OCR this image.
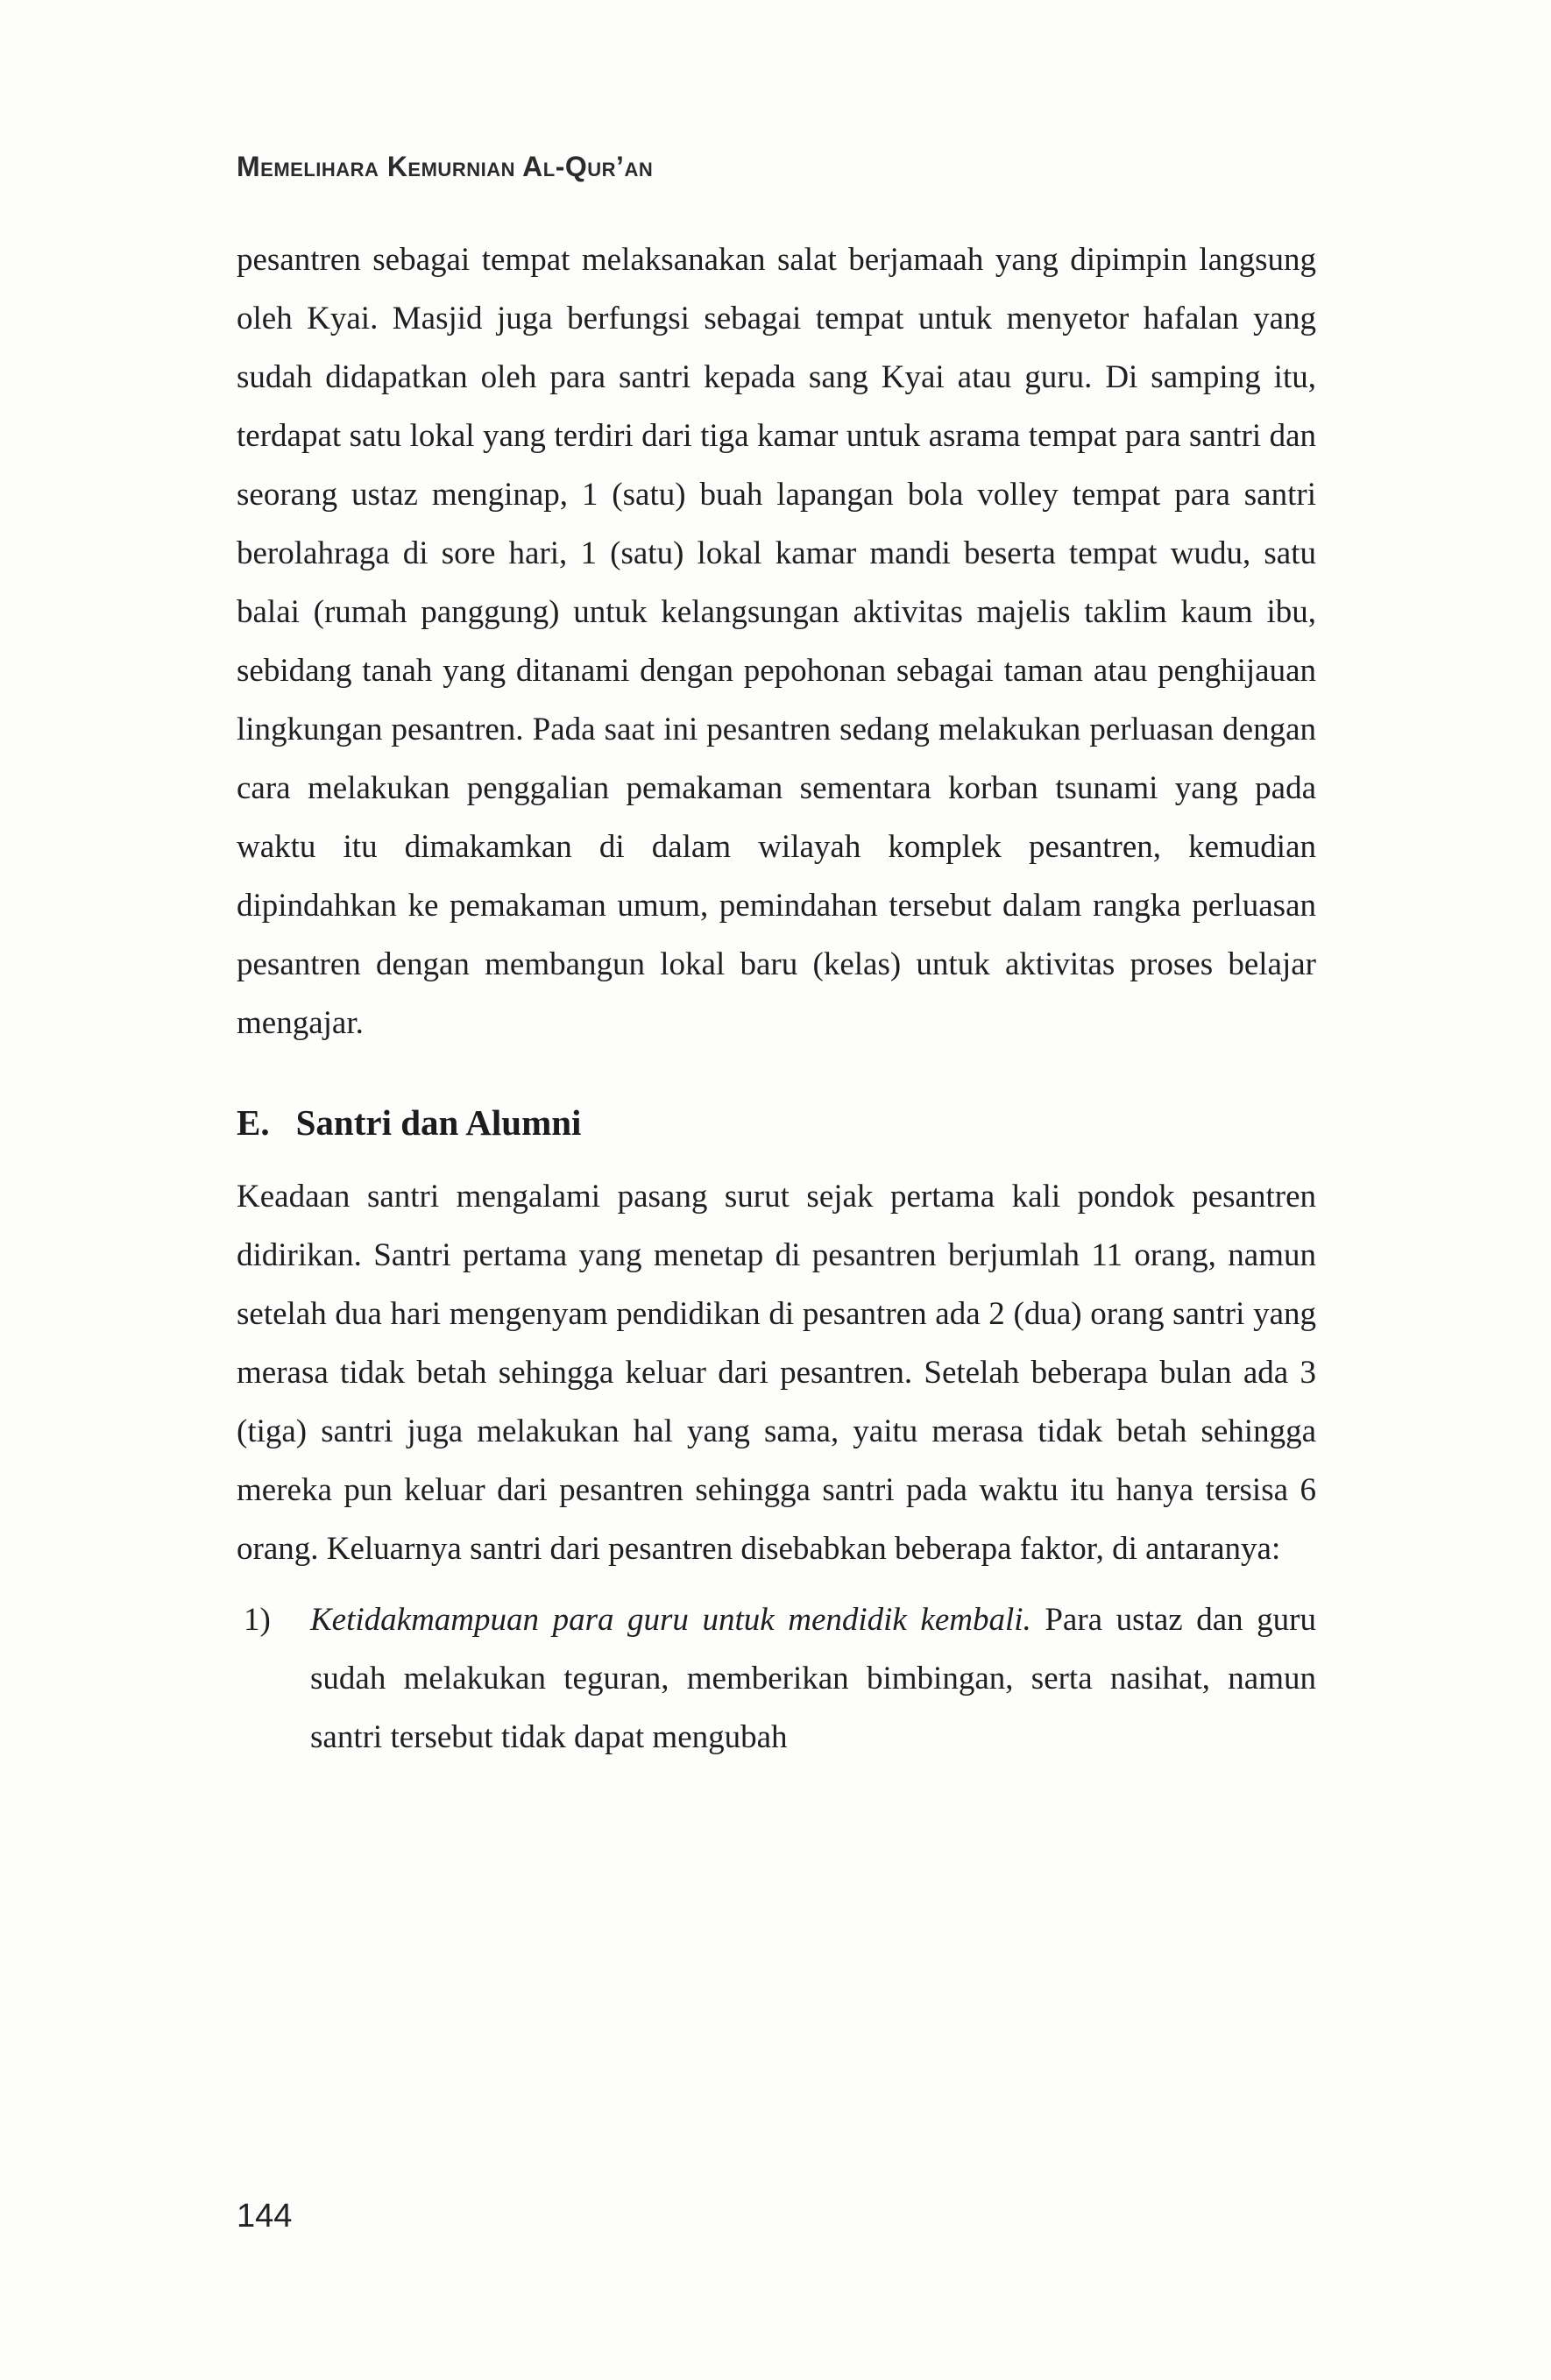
Memelihara Kemurnian Al-Qur’an

pesantren sebagai tempat melaksanakan salat berjamaah yang dipimpin langsung oleh Kyai. Masjid juga berfungsi sebagai tempat untuk menyetor hafalan yang sudah didapatkan oleh para santri kepada sang Kyai atau guru. Di samping itu, terdapat satu lokal yang terdiri dari tiga kamar untuk asrama tempat para santri dan seorang ustaz menginap, 1 (satu) buah lapangan bola volley tempat para santri berolahraga di sore hari, 1 (satu) lokal kamar mandi beserta tempat wudu, satu balai (rumah panggung) untuk kelangsungan aktivitas majelis taklim kaum ibu, sebidang tanah yang ditanami dengan pepohonan sebagai taman atau penghijauan lingkungan pesantren. Pada saat ini pesantren sedang melakukan perluasan dengan cara melakukan penggalian pemakaman sementara korban tsunami yang pada waktu itu dimakamkan di dalam wilayah komplek pesantren, kemudian dipindahkan ke pemakaman umum, pemindahan tersebut dalam rangka perluasan pesantren dengan membangun lokal baru (kelas) untuk aktivitas proses belajar mengajar.

E. Santri dan Alumni

Keadaan santri mengalami pasang surut sejak pertama kali pondok pesantren didirikan. Santri pertama yang menetap di pesantren berjumlah 11 orang, namun setelah dua hari mengenyam pendidikan di pesantren ada 2 (dua) orang santri yang merasa tidak betah sehingga keluar dari pesantren. Setelah beberapa bulan ada 3 (tiga) santri juga melakukan hal yang sama, yaitu merasa tidak betah sehingga mereka pun keluar dari pesantren sehingga santri pada waktu itu hanya tersisa 6 orang. Keluarnya santri dari pesantren disebabkan beberapa faktor, di antaranya:

1)	Ketidakmampuan para guru untuk mendidik kembali. Para ustaz dan guru sudah melakukan teguran, memberikan bimbingan, serta nasihat, namun santri tersebut tidak dapat mengubah
144
